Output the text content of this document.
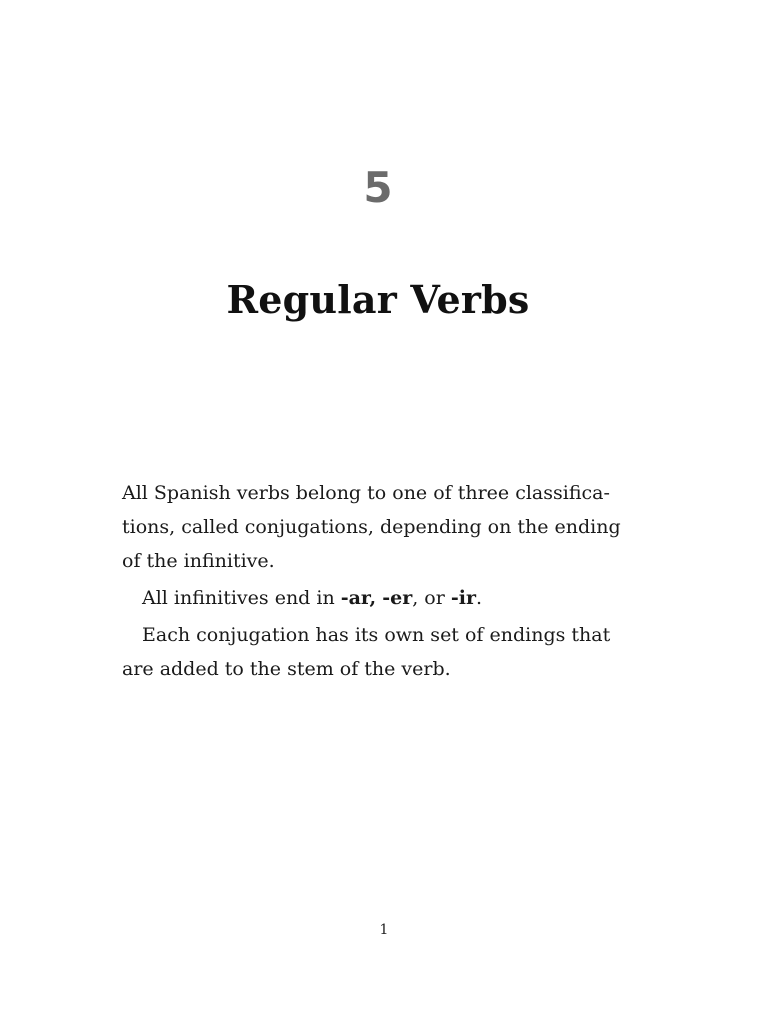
5
Regular Verbs

All Spanish verbs belong to one of three classifica-

tions, called conjugations, depending on the ending

of the infinitive.

All infinitives end in -ar, -er, or -ir.

Each conjugation has its own set of endings that

are added to the stem of the verb.

1
